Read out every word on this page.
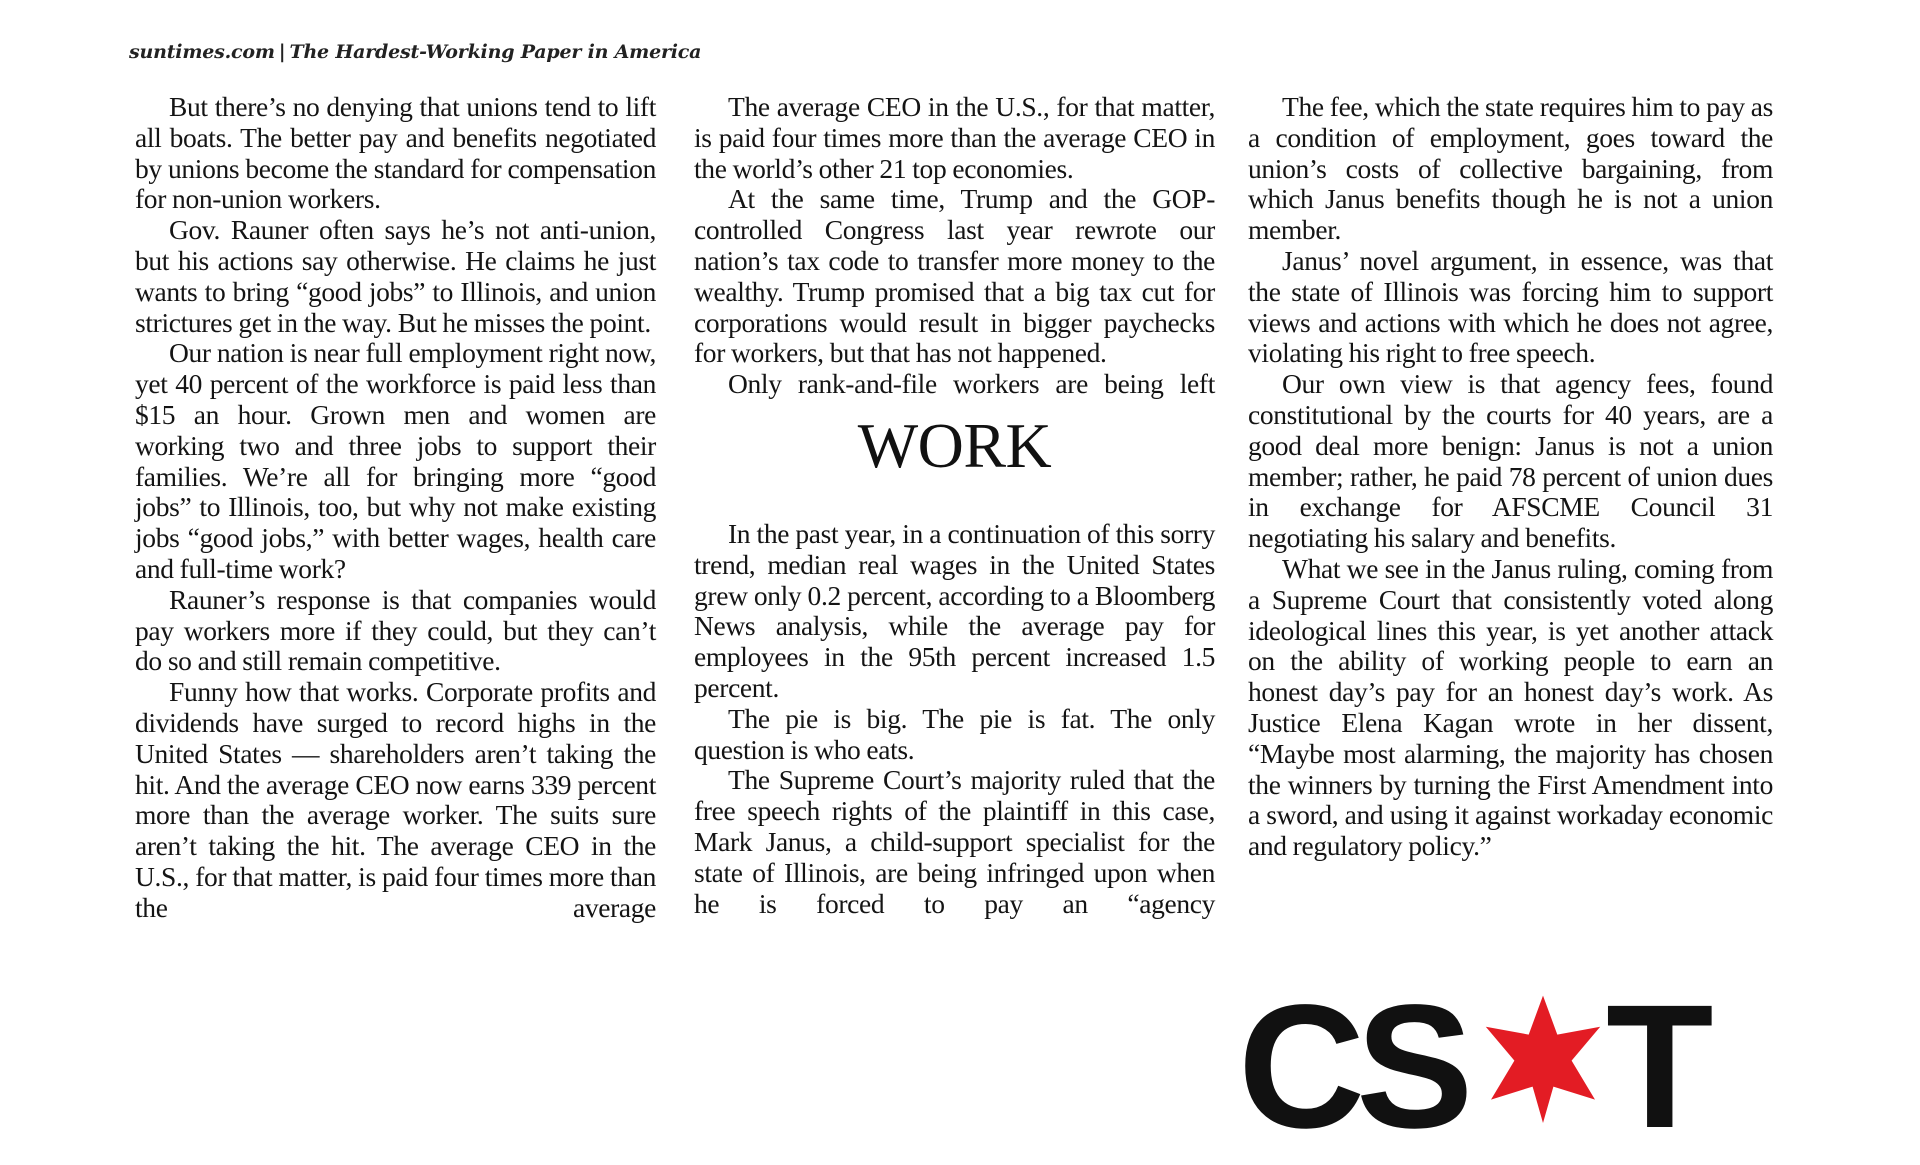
suntimes.com | The Hardest-Working Paper in America

But there’s no denying that unions tend to lift all boats. The better pay and benefits negotiated by unions become the standard for compensation for non-union workers.

Gov. Rauner often says he’s not anti-union, but his actions say otherwise. He claims he just wants to bring “good jobs” to Illinois, and union strictures get in the way. But he misses the point.

Our nation is near full employment right now, yet 40 percent of the workforce is paid less than $15 an hour. Grown men and women are working two and three jobs to support their families. We’re all for bringing more “good jobs” to Illinois, too, but why not make existing jobs “good jobs,” with better wages, health care and full-time work?

Rauner’s response is that companies would pay workers more if they could, but they can’t do so and still remain competitive.

Funny how that works. Corporate profits and dividends have surged to record highs in the United States — shareholders aren’t taking the hit. And the average CEO now earns 339 percent more than the average worker. The suits sure aren’t taking the hit. The average CEO in the U.S., for that matter, is paid four times more than the average

The average CEO in the U.S., for that matter, is paid four times more than the average CEO in the world’s other 21 top economies.

At the same time, Trump and the GOP-controlled Congress last year rewrote our nation’s tax code to transfer more money to the wealthy. Trump promised that a big tax cut for corporations would result in bigger paychecks for workers, but that has not happened.

Only rank-and-file workers are being left

WORK

In the past year, in a continuation of this sorry trend, median real wages in the United States grew only 0.2 percent, according to a Bloomberg News analysis, while the average pay for employees in the 95th percent increased 1.5 percent.

The pie is big. The pie is fat. The only question is who eats.

The Supreme Court’s majority ruled that the free speech rights of the plaintiff in this case, Mark Janus, a child-support specialist for the state of Illinois, are being infringed upon when he is forced to pay an “agency

The fee, which the state requires him to pay as a condition of employment, goes toward the union’s costs of collective bargaining, from which Janus benefits though he is not a union member.

Janus’ novel argument, in essence, was that the state of Illinois was forcing him to support views and actions with which he does not agree, violating his right to free speech.

Our own view is that agency fees, found constitutional by the courts for 40 years, are a good deal more benign: Janus is not a union member; rather, he paid 78 percent of union dues in exchange for AFSCME Council 31 negotiating his salary and benefits.

What we see in the Janus ruling, coming from a Supreme Court that consistently voted along ideological lines this year, is yet another attack on the ability of working people to earn an honest day’s pay for an honest day’s work. As Justice Elena Kagan wrote in her dissent, “Maybe most alarming, the majority has chosen the winners by turning the First Amendment into a sword, and using it against workaday economic and regulatory policy.”

C
S T
